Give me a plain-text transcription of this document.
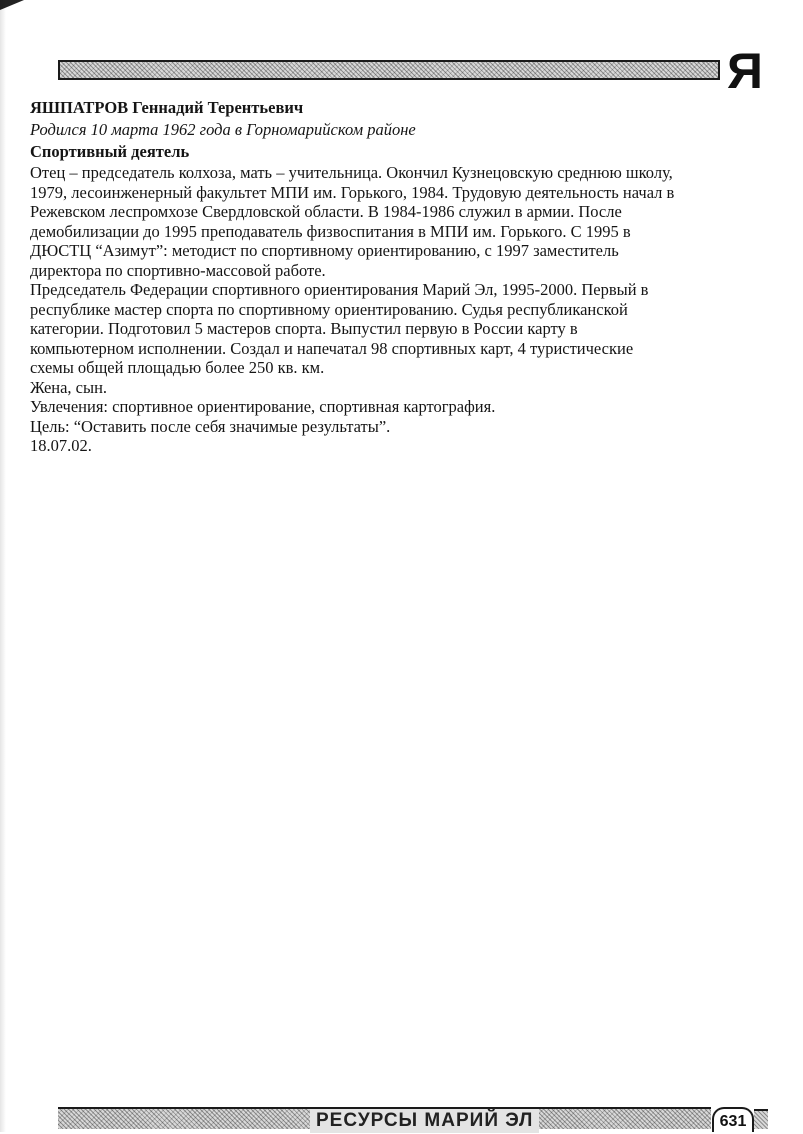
Я
ЯШПАТРОВ Геннадий Терентьевич
Родился 10 марта 1962 года в Горномарийском районе
Спортивный деятель
Отец – председатель колхоза, мать – учительница. Окончил Кузнецовскую среднюю школу,
1979, лесоинженерный факультет МПИ им. Горького, 1984. Трудовую деятельность начал в
Режевском леспромхозе Свердловской области. В 1984-1986 служил в армии. После
демобилизации до 1995 преподаватель физвоспитания в МПИ им. Горького. С 1995 в
ДЮСТЦ “Азимут”: методист по спортивному ориентированию, с 1997 заместитель
директора по спортивно-массовой работе.
Председатель Федерации спортивного ориентирования Марий Эл, 1995-2000. Первый в
республике мастер спорта по спортивному ориентированию. Судья республиканской
категории. Подготовил 5 мастеров спорта. Выпустил первую в России карту в
компьютерном исполнении. Создал и напечатал 98 спортивных карт, 4 туристические
схемы общей площадью более 250 кв. км.
Жена, сын.
Увлечения: спортивное ориентирование, спортивная картография.
Цель: “Оставить после себя значимые результаты”.
18.07.02.
РЕСУРСЫ МАРИЙ ЭЛ	631
